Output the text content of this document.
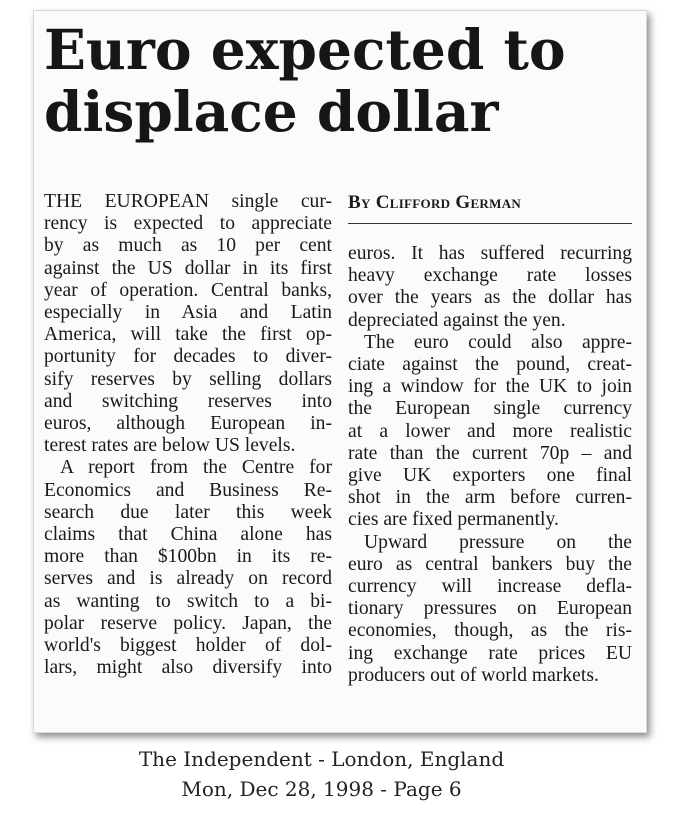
Euro expected to
displace dollar
THE EUROPEAN single cur-
rency is expected to appreciate
by as much as 10 per cent
against the US dollar in its first
year of operation. Central banks,
especially in Asia and Latin
America, will take the first op-
portunity for decades to diver-
sify reserves by selling dollars
and switching reserves into
euros, although European in-
terest rates are below US levels.
A report from the Centre for
Economics and Business Re-
search due later this week
claims that China alone has
more than $100bn in its re-
serves and is already on record
as wanting to switch to a bi-
polar reserve policy. Japan, the
world's biggest holder of dol-
lars, might also diversify into
By Clifford German
euros. It has suffered recurring
heavy exchange rate losses
over the years as the dollar has
depreciated against the yen.
The euro could also appre-
ciate against the pound, creat-
ing a window for the UK to join
the European single currency
at a lower and more realistic
rate than the current 70p – and
give UK exporters one final
shot in the arm before curren-
cies are fixed permanently.
Upward pressure on the
euro as central bankers buy the
currency will increase defla-
tionary pressures on European
economies, though, as the ris-
ing exchange rate prices EU
producers out of world markets.
The Independent - London, England
Mon, Dec 28, 1998 - Page 6
